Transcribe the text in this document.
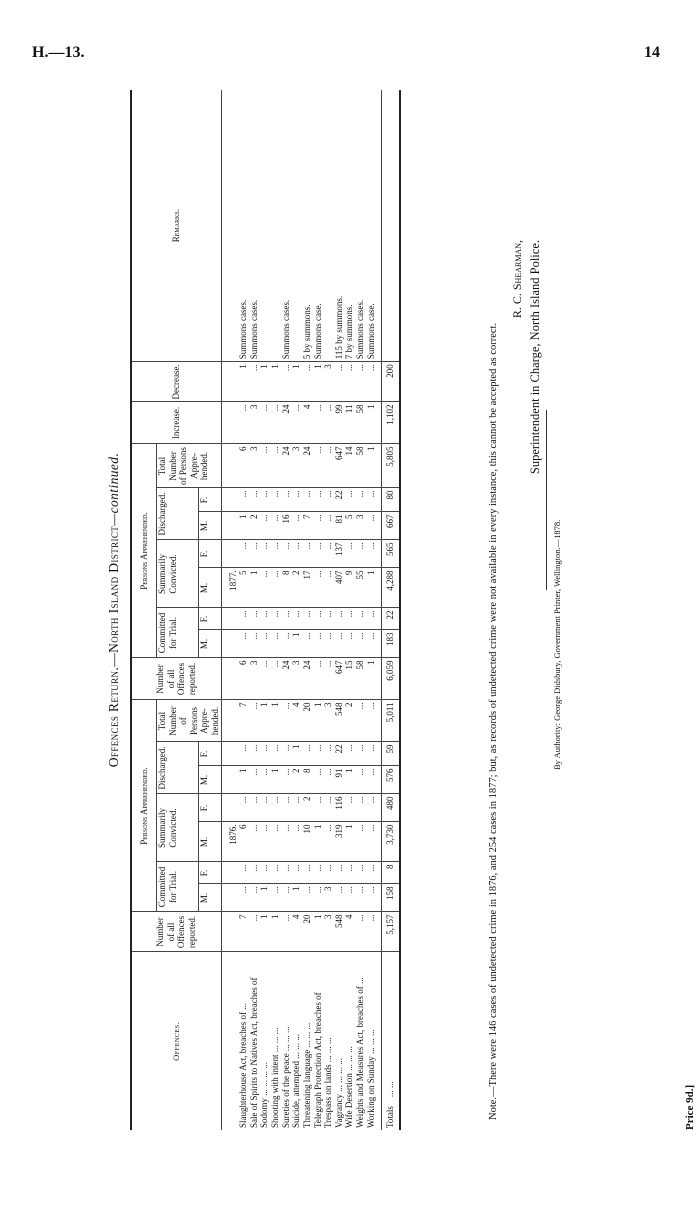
H.—13.	14
Offences Return.—North Island District—continued.
Offences.	Number of all Offences reported.	Persons Apprehended.							Number of all Offences reported.	Persons Apprehended.							Increase.	Decrease.	Remarks.
		Committed for Trial.		Summarily Convicted.		Discharged.		Total Number of Persons Appre-hended.		Committed for Trial.		Summarily Convicted.		Discharged.		Total Number of Persons Appre-hended.			
		M.	F.	M.	F.	M.	F.			M.	F.	M.	F.	M.	F.				
				1876.								1877.							
Slaughterhouse Act, breaches of ...	7	...	...	6	...	1	...	7	6	...	...	5	...	1	...	6	...	1	Summons cases.
Sale of Spirits to Natives Act, breaches of	...	...	...	...	...	...	...	...	3	...	...	1	...	2	...	3	3	...	Summons cases.
Sodomy ... ... ... ...	1	1	...	...	...	...	...	1	...	...	...	...	...	...	...	...	...	1	
Shooting with intent ... ... ...	1	...	...	...	...	1	...	1	...	...	...	...	...	...	...	...	...	1	
Sureties of the peace ... ... ...	...	...	...	...	...	...	...	...	24	...	...	8	...	16	...	24	24	...	Summons cases.
Suicide, attempted ... ... ...	4	1	...	...	...	2	1	4	3	1	...	2	...	...	...	3	...	1	
Threatening language ... ... ...	20	...	...	10	2	8	...	20	24	...	...	17	...	7	...	24	4	...	5 by summons.
Telegraph Protection Act, breaches of	1	...	...	1	...	...	...	1	...	...	...	...	...	...	...	...	...	1	Summons case.
Trespass on lands ... ... ...	3	3	...	...	...	...	...	3	...	...	...	...	...	...	...	...	...	3	
Vagrancy ... ... ... ...	548	...	...	319	116	91	22	548	647	...	...	407	137	81	22	647	99	...	115 by summons.
Wife Desertion ... ... ...	4	...	...	1	...	1	...	2	15	...	...	9	...	5	...	14	11	...	7 by summons.
Weights and Measures Act, breaches of ...	...	...	...	...	...	...	...	...	58	...	...	55	...	3	...	58	58	...	Summons cases.
Working on Sunday ... ... ...	...	...	...	...	...	...	...	...	1	...	...	1	...	...	...	1	1	...	Summons case.
Totals ... ...	5,157	158	8	3,730	480	576	59	5,011	6,059	183	22	4,288	565	667	80	5,805	1,102	200		Note.—There were 146 cases of undetected crime in 1876, and 254 cases in 1877; but, as records of undetected crime were not available in every instance, this cannot be accepted as correct.
R. C. Shearman, Superintendent in Charge, North Island Police.
By Authority: George Didsbury, Government Printer, Wellington.—1878.
Price 9d.]
